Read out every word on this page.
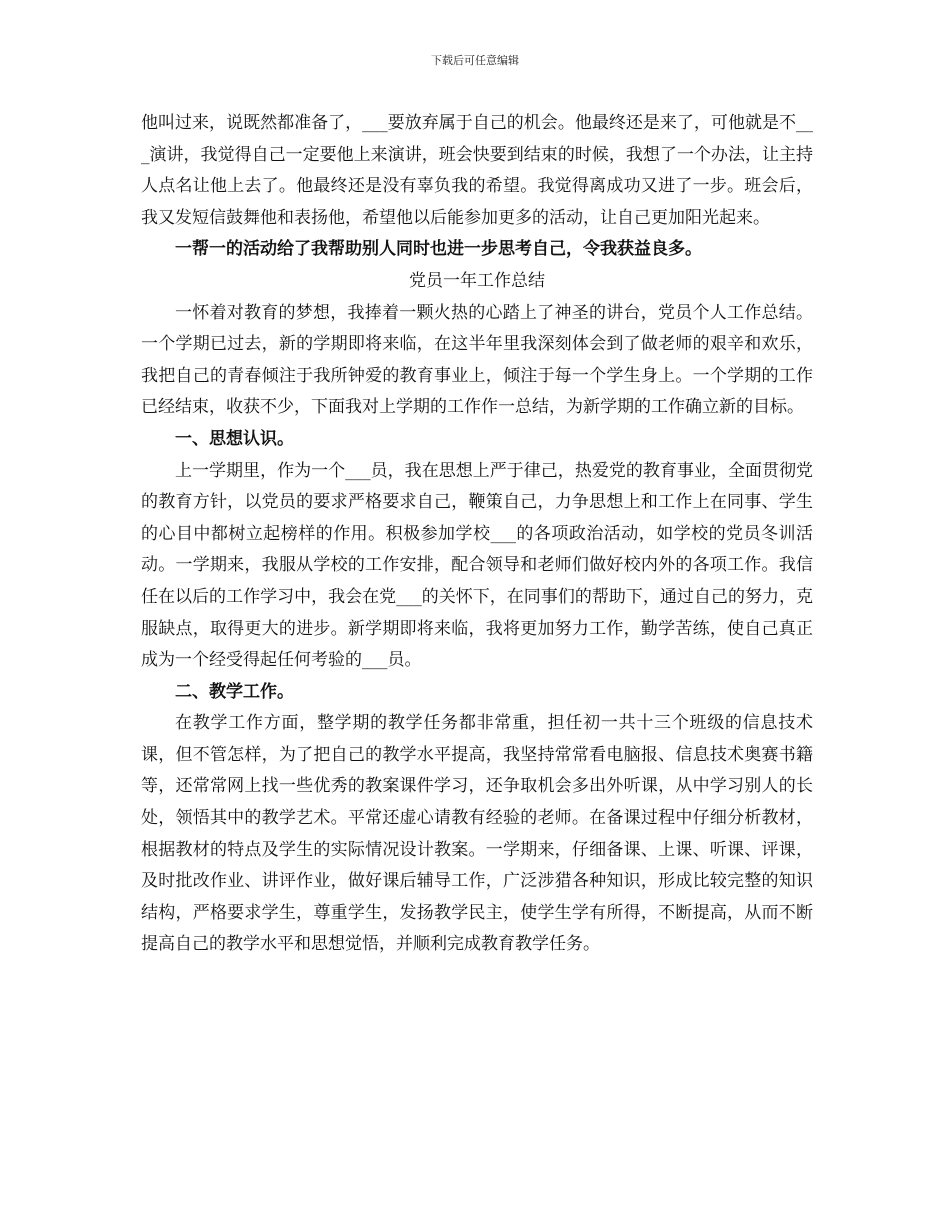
下载后可任意编辑

他叫过来，说既然都准备了，___要放弃属于自己的机会。他最终还是来了，可他就是不___演讲，我觉得自己一定要他上来演讲，班会快要到结束的时候，我想了一个办法，让主持人点名让他上去了。他最终还是没有辜负我的希望。我觉得离成功又进了一步。班会后，我又发短信鼓舞他和表扬他，希望他以后能参加更多的活动，让自己更加阳光起来。

一帮一的活动给了我帮助别人同时也进一步思考自己，令我获益良多。

党员一年工作总结

一怀着对教育的梦想，我捧着一颗火热的心踏上了神圣的讲台，党员个人工作总结。一个学期已过去，新的学期即将来临，在这半年里我深刻体会到了做老师的艰辛和欢乐，我把自己的青春倾注于我所钟爱的教育事业上，倾注于每一个学生身上。一个学期的工作已经结束，收获不少，下面我对上学期的工作作一总结，为新学期的工作确立新的目标。

一、思想认识。

上一学期里，作为一个___员，我在思想上严于律己，热爱党的教育事业，全面贯彻党的教育方针，以党员的要求严格要求自己，鞭策自己，力争思想上和工作上在同事、学生的心目中都树立起榜样的作用。积极参加学校___的各项政治活动，如学校的党员冬训活动。一学期来，我服从学校的工作安排，配合领导和老师们做好校内外的各项工作。我信任在以后的工作学习中，我会在党___的关怀下，在同事们的帮助下，通过自己的努力，克服缺点，取得更大的进步。新学期即将来临，我将更加努力工作，勤学苦练，使自己真正成为一个经受得起任何考验的___员。

二、教学工作。

在教学工作方面，整学期的教学任务都非常重，担任初一共十三个班级的信息技术课，但不管怎样，为了把自己的教学水平提高，我坚持常常看电脑报、信息技术奥赛书籍等，还常常网上找一些优秀的教案课件学习，还争取机会多出外听课，从中学习别人的长处，领悟其中的教学艺术。平常还虚心请教有经验的老师。在备课过程中仔细分析教材，根据教材的特点及学生的实际情况设计教案。一学期来，仔细备课、上课、听课、评课，及时批改作业、讲评作业，做好课后辅导工作，广泛涉猎各种知识，形成比较完整的知识结构，严格要求学生，尊重学生，发扬教学民主，使学生学有所得，不断提高，从而不断提高自己的教学水平和思想觉悟，并顺利完成教育教学任务。
